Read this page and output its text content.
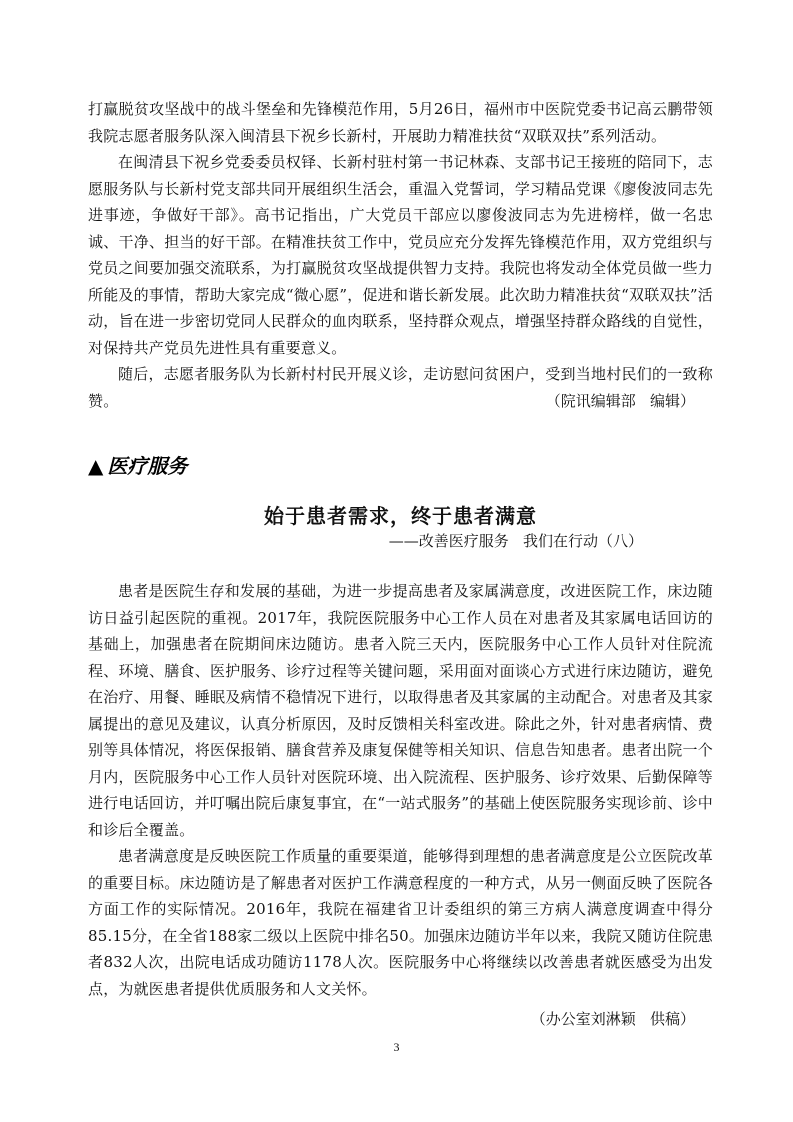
打赢脱贫攻坚战中的战斗堡垒和先锋模范作用，5月26日，福州市中医院党委书记高云鹏带领我院志愿者服务队深入闽清县下祝乡长新村，开展助力精准扶贫“双联双扶”系列活动。

在闽清县下祝乡党委委员权铎、长新村驻村第一书记林森、支部书记王接班的陪同下，志愿服务队与长新村党支部共同开展组织生活会，重温入党誓词，学习精品党课《廖俊波同志先进事迹，争做好干部》。高书记指出，广大党员干部应以廖俊波同志为先进榜样，做一名忠诚、干净、担当的好干部。在精准扶贫工作中，党员应充分发挥先锋模范作用，双方党组织与党员之间要加强交流联系，为打赢脱贫攻坚战提供智力支持。我院也将发动全体党员做一些力所能及的事情，帮助大家完成“微心愿”，促进和谐长新发展。此次助力精准扶贫“双联双扶”活动，旨在进一步密切党同人民群众的血肉联系，坚持群众观点，增强坚持群众路线的自觉性，对保持共产党员先进性具有重要意义。

随后，志愿者服务队为长新村村民开展义诊，走访慰问贫困户，受到当地村民们的一致称赞。	（院讯编辑部   编辑）
▲ 医疗服务
始于患者需求，终于患者满意
——改善医疗服务   我们在行动（八）

患者是医院生存和发展的基础，为进一步提高患者及家属满意度，改进医院工作，床边随访日益引起医院的重视。2017年，我院医院服务中心工作人员在对患者及其家属电话回访的基础上，加强患者在院期间床边随访。患者入院三天内，医院服务中心工作人员针对住院流程、环境、膳食、医护服务、诊疗过程等关键问题，采用面对面谈心方式进行床边随访，避免在治疗、用餐、睡眠及病情不稳情况下进行，以取得患者及其家属的主动配合。对患者及其家属提出的意见及建议，认真分析原因，及时反馈相关科室改进。除此之外，针对患者病情、费别等具体情况，将医保报销、膳食营养及康复保健等相关知识、信息告知患者。患者出院一个月内，医院服务中心工作人员针对医院环境、出入院流程、医护服务、诊疗效果、后勤保障等进行电话回访，并叮嘱出院后康复事宜，在“一站式服务”的基础上使医院服务实现诊前、诊中和诊后全覆盖。

患者满意度是反映医院工作质量的重要渠道，能够得到理想的患者满意度是公立医院改革的重要目标。床边随访是了解患者对医护工作满意程度的一种方式，从另一侧面反映了医院各方面工作的实际情况。2016年，我院在福建省卫计委组织的第三方病人满意度调查中得分85.15分，在全省188家二级以上医院中排名50。加强床边随访半年以来，我院又随访住院患者832人次，出院电话成功随访1178人次。医院服务中心将继续以改善患者就医感受为出发点，为就医患者提供优质服务和人文关怀。

（办公室刘淋颖   供稿）
3
